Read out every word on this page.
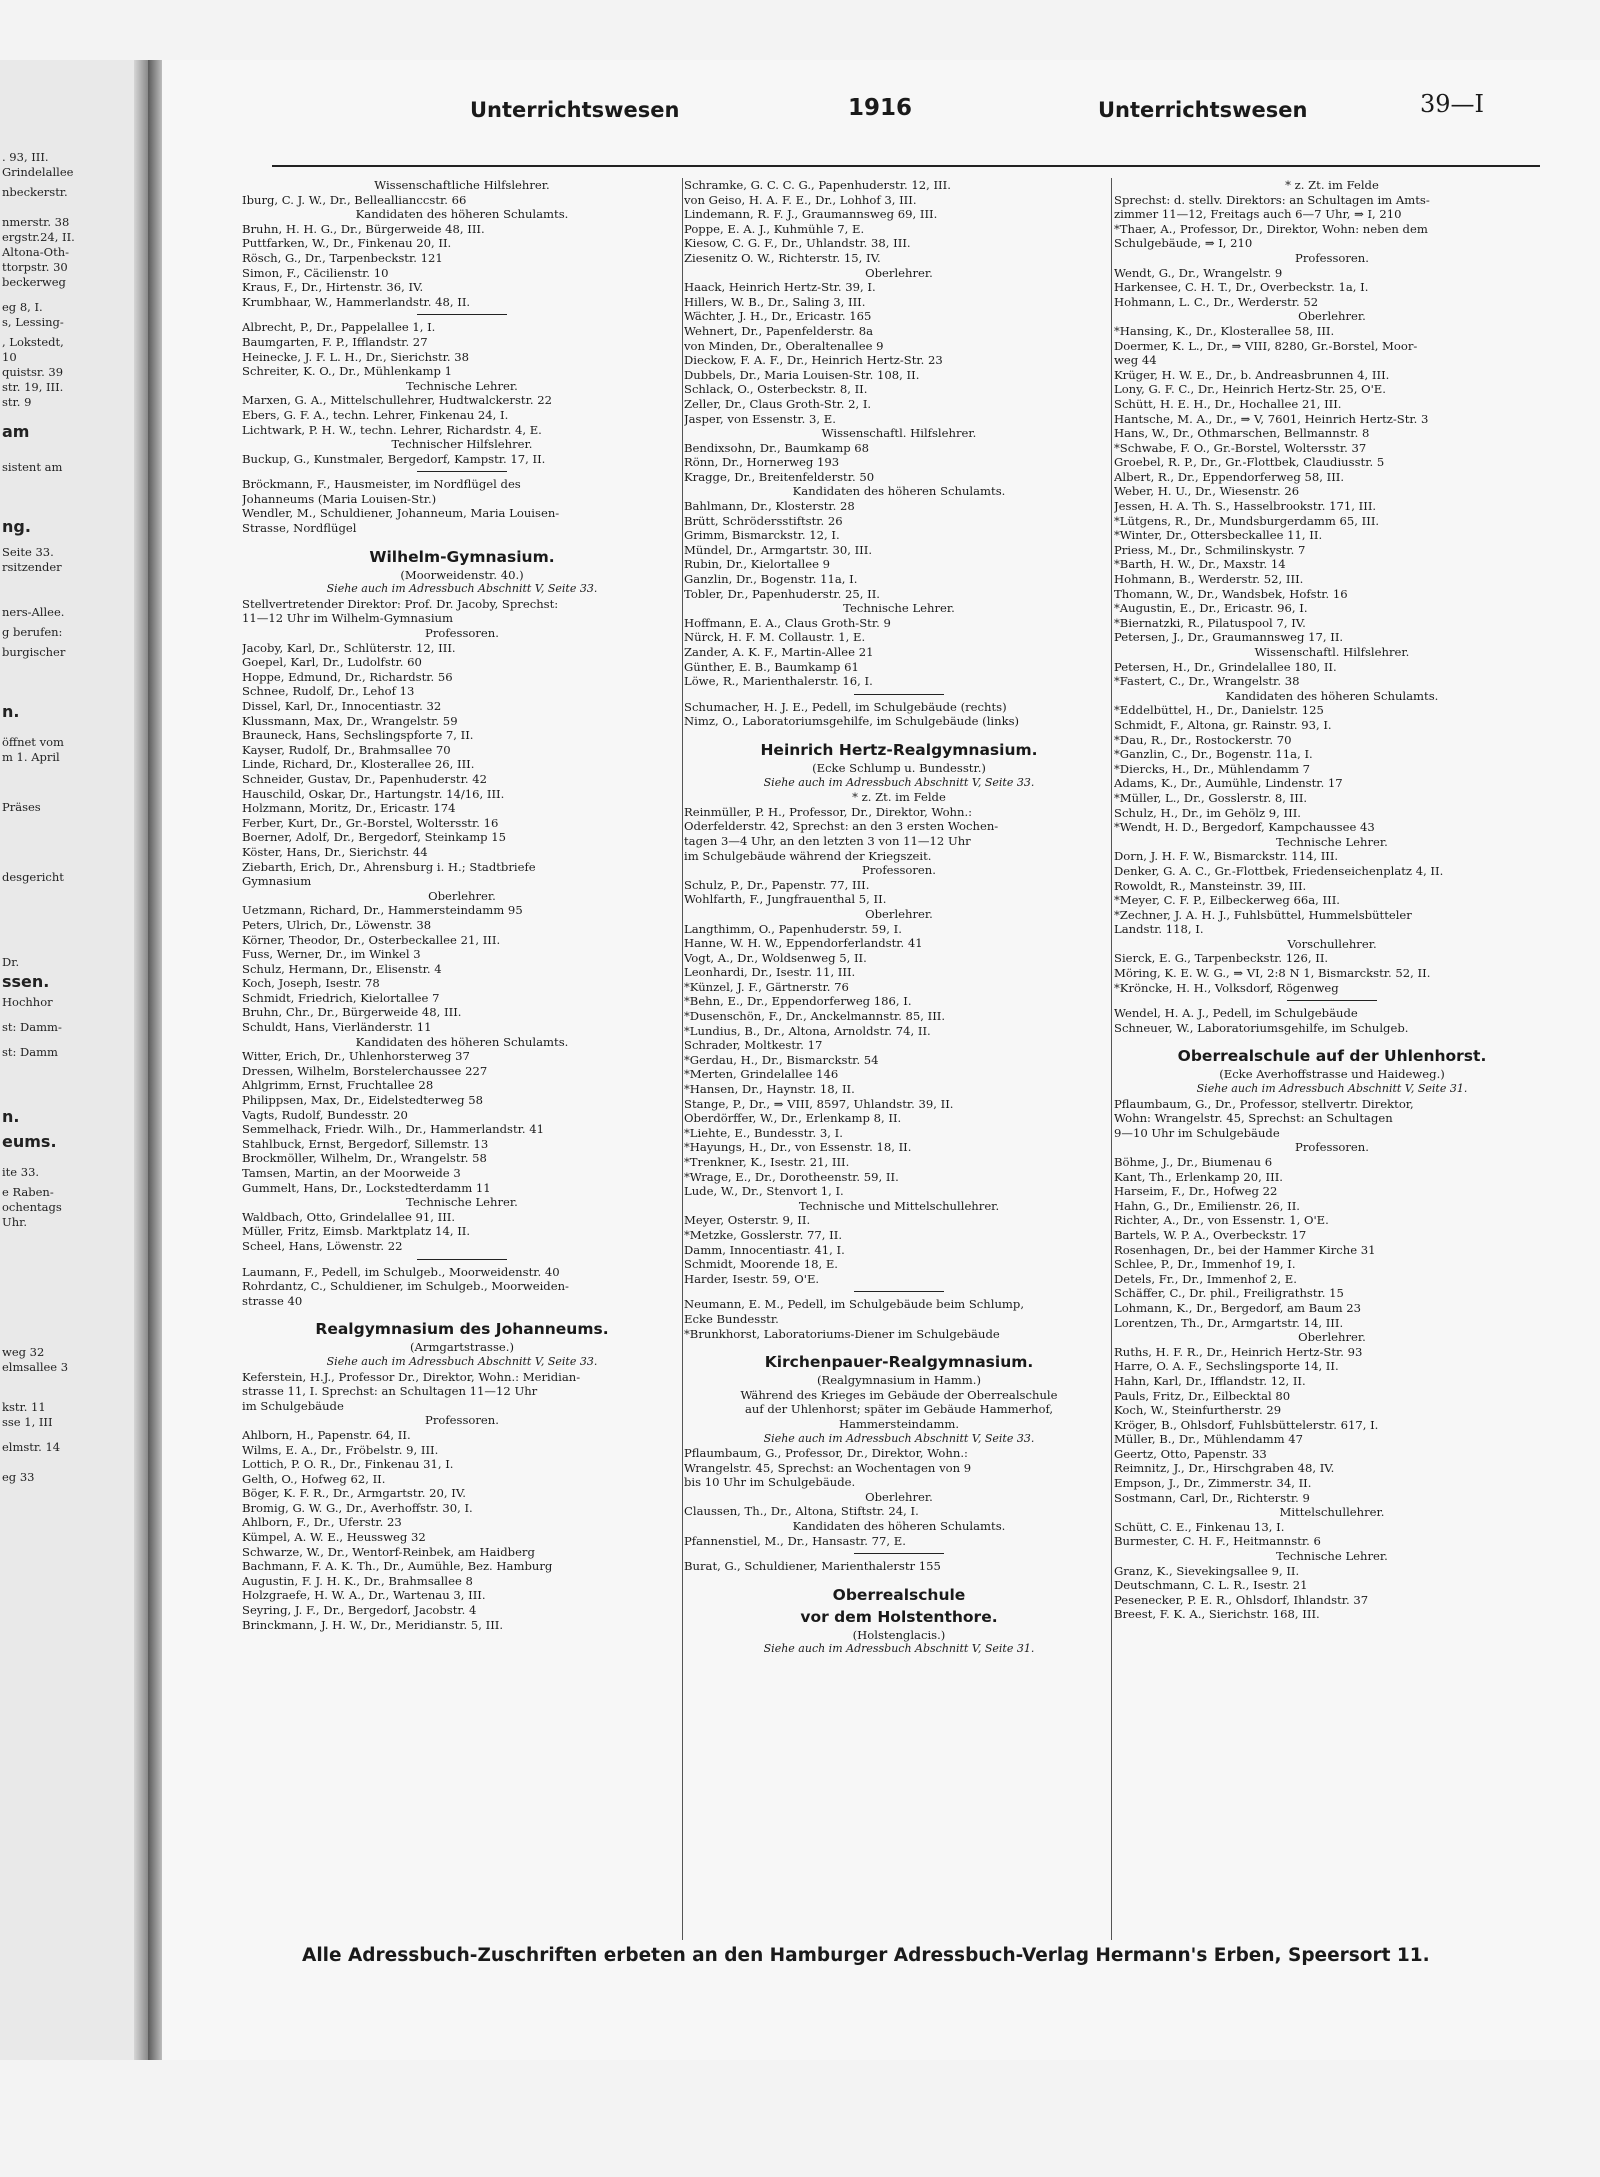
. 93, III.
Grindelallee
nbeckerstr.
nmerstr. 38
ergstr.24, II.
Altona-Oth-
ttorpstr. 30
beckerweg
eg 8, I.
s, Lessing-
, Lokstedt,
10
quistsr. 39
str. 19, III.
str. 9
am
sistent am
ng.
Seite 33.
rsitzender
ners-Allee.
g berufen:
burgischer
n.
öffnet vom
m 1. April
Präses
desgericht
Dr.
ssen.
Hochhor
st: Damm-
st: Damm
n.
eums.
ite 33.
e Raben-
ochentags
Uhr.
weg 32
elmsallee 3
kstr. 11
sse 1, III
elmstr. 14
eg 33
Unterrichtswesen	1916	Unterrichtswesen	39—I
Wissenschaftliche Hilfslehrer.
Iburg, C. J. W., Dr., Belleallianccstr. 66
Kandidaten des höheren Schulamts.
Bruhn, H. H. G., Dr., Bürgerweide 48, III.
Puttfarken, W., Dr., Finkenau 20, II.
Rösch, G., Dr., Tarpenbeckstr. 121
Simon, F., Cäcilienstr. 10
Kraus, F., Dr., Hirtenstr. 36, IV.
Krumbhaar, W., Hammerlandstr. 48, II.
Albrecht, P., Dr., Pappelallee 1, I.
Baumgarten, F. P., Ifflandstr. 27
Heinecke, J. F. L. H., Dr., Sierichstr. 38
Schreiter, K. O., Dr., Mühlenkamp 1
Technische Lehrer.
Marxen, G. A., Mittelschullehrer, Hudtwalckerstr. 22
Ebers, G. F. A., techn. Lehrer, Finkenau 24, I.
Lichtwark, P. H. W., techn. Lehrer, Richardstr. 4, E.
Technischer Hilfslehrer.
Buckup, G., Kunstmaler, Bergedorf, Kampstr. 17, II.
Bröckmann, F., Hausmeister, im Nordflügel des
Johanneums (Maria Louisen-Str.)
Wendler, M., Schuldiener, Johanneum, Maria Louisen-
Strasse, Nordflügel
Wilhelm-Gymnasium.
(Moorweidenstr. 40.)
Siehe auch im Adressbuch Abschnitt V, Seite 33.
Stellvertretender Direktor: Prof. Dr. Jacoby, Sprechst:
11—12 Uhr im Wilhelm-Gymnasium
Professoren.
Jacoby, Karl, Dr., Schlüterstr. 12, III.
Goepel, Karl, Dr., Ludolfstr. 60
Hoppe, Edmund, Dr., Richardstr. 56
Schnee, Rudolf, Dr., Lehof 13
Dissel, Karl, Dr., Innocentiastr. 32
Klussmann, Max, Dr., Wrangelstr. 59
Brauneck, Hans, Sechslingspforte 7, II.
Kayser, Rudolf, Dr., Brahmsallee 70
Linde, Richard, Dr., Klosterallee 26, III.
Schneider, Gustav, Dr., Papenhuderstr. 42
Hauschild, Oskar, Dr., Hartungstr. 14/16, III.
Holzmann, Moritz, Dr., Ericastr. 174
Ferber, Kurt, Dr., Gr.-Borstel, Woltersstr. 16
Boerner, Adolf, Dr., Bergedorf, Steinkamp 15
Köster, Hans, Dr., Sierichstr. 44
Ziebarth, Erich, Dr., Ahrensburg i. H.; Stadtbriefe
Gymnasium
Oberlehrer.
Uetzmann, Richard, Dr., Hammersteindamm 95
Peters, Ulrich, Dr., Löwenstr. 38
Körner, Theodor, Dr., Osterbeckallee 21, III.
Fuss, Werner, Dr., im Winkel 3
Schulz, Hermann, Dr., Elisenstr. 4
Koch, Joseph, Isestr. 78
Schmidt, Friedrich, Kielortallee 7
Bruhn, Chr., Dr., Bürgerweide 48, III.
Schuldt, Hans, Vierländerstr. 11
Kandidaten des höheren Schulamts.
Witter, Erich, Dr., Uhlenhorsterweg 37
Dressen, Wilhelm, Borstelerchaussee 227
Ahlgrimm, Ernst, Fruchtallee 28
Philippsen, Max, Dr., Eidelstedterweg 58
Vagts, Rudolf, Bundesstr. 20
Semmelhack, Friedr. Wilh., Dr., Hammerlandstr. 41
Stahlbuck, Ernst, Bergedorf, Sillemstr. 13
Brockmöller, Wilhelm, Dr., Wrangelstr. 58
Tamsen, Martin, an der Moorweide 3
Gummelt, Hans, Dr., Lockstedterdamm 11
Technische Lehrer.
Waldbach, Otto, Grindelallee 91, III.
Müller, Fritz, Eimsb. Marktplatz 14, II.
Scheel, Hans, Löwenstr. 22
Laumann, F., Pedell, im Schulgeb., Moorweidenstr. 40
Rohrdantz, C., Schuldiener, im Schulgeb., Moorweiden-
strasse 40
Realgymnasium des Johanneums.
(Armgartstrasse.)
Siehe auch im Adressbuch Abschnitt V, Seite 33.
Keferstein, H.J., Professor Dr., Direktor, Wohn.: Meridian-
strasse 11, I. Sprechst: an Schultagen 11—12 Uhr
im Schulgebäude
Professoren.
Ahlborn, H., Papenstr. 64, II.
Wilms, E. A., Dr., Fröbelstr. 9, III.
Lottich, P. O. R., Dr., Finkenau 31, I.
Gelth, O., Hofweg 62, II.
Böger, K. F. R., Dr., Armgartstr. 20, IV.
Bromig, G. W. G., Dr., Averhoffstr. 30, I.
Ahlborn, F., Dr., Uferstr. 23
Kümpel, A. W. E., Heussweg 32
Schwarze, W., Dr., Wentorf-Reinbek, am Haidberg
Bachmann, F. A. K. Th., Dr., Aumühle, Bez. Hamburg
Augustin, F. J. H. K., Dr., Brahmsallee 8
Holzgraefe, H. W. A., Dr., Wartenau 3, III.
Seyring, J. F., Dr., Bergedorf, Jacobstr. 4
Brinckmann, J. H. W., Dr., Meridianstr. 5, III.
Schramke, G. C. C. G., Papenhuderstr. 12, III.
von Geiso, H. A. F. E., Dr., Lohhof 3, III.
Lindemann, R. F. J., Graumannsweg 69, III.
Poppe, E. A. J., Kuhmühle 7, E.
Kiesow, C. G. F., Dr., Uhlandstr. 38, III.
Ziesenitz O. W., Richterstr. 15, IV.
Oberlehrer.
Haack, Heinrich Hertz-Str. 39, I.
Hillers, W. B., Dr., Saling 3, III.
Wächter, J. H., Dr., Ericastr. 165
Wehnert, Dr., Papenfelderstr. 8a
von Minden, Dr., Oberaltenallee 9
Dieckow, F. A. F., Dr., Heinrich Hertz-Str. 23
Dubbels, Dr., Maria Louisen-Str. 108, II.
Schlack, O., Osterbeckstr. 8, II.
Zeller, Dr., Claus Groth-Str. 2, I.
Jasper, von Essenstr. 3, E.
Wissenschaftl. Hilfslehrer.
Bendixsohn, Dr., Baumkamp 68
Rönn, Dr., Hornerweg 193
Kragge, Dr., Breitenfelderstr. 50
Kandidaten des höheren Schulamts.
Bahlmann, Dr., Klosterstr. 28
Brütt, Schrödersstiftstr. 26
Grimm, Bismarckstr. 12, I.
Mündel, Dr., Armgartstr. 30, III.
Rubin, Dr., Kielortallee 9
Ganzlin, Dr., Bogenstr. 11a, I.
Tobler, Dr., Papenhuderstr. 25, II.
Technische Lehrer.
Hoffmann, E. A., Claus Groth-Str. 9
Nürck, H. F. M. Collaustr. 1, E.
Zander, A. K. F., Martin-Allee 21
Günther, E. B., Baumkamp 61
Löwe, R., Marienthalerstr. 16, I.
Schumacher, H. J. E., Pedell, im Schulgebäude (rechts)
Nimz, O., Laboratoriumsgehilfe, im Schulgebäude (links)
Heinrich Hertz-Realgymnasium.
(Ecke Schlump u. Bundesstr.)
Siehe auch im Adressbuch Abschnitt V, Seite 33.
* z. Zt. im Felde
Reinmüller, P. H., Professor, Dr., Direktor, Wohn.:
Oderfelderstr. 42, Sprechst: an den 3 ersten Wochen-
tagen 3—4 Uhr, an den letzten 3 von 11—12 Uhr
im Schulgebäude während der Kriegszeit.
Professoren.
Schulz, P., Dr., Papenstr. 77, III.
Wohlfarth, F., Jungfrauenthal 5, II.
Oberlehrer.
Langthimm, O., Papenhuderstr. 59, I.
Hanne, W. H. W., Eppendorferlandstr. 41
Vogt, A., Dr., Woldsenweg 5, II.
Leonhardi, Dr., Isestr. 11, III.
*Künzel, J. F., Gärtnerstr. 76
*Behn, E., Dr., Eppendorferweg 186, I.
*Dusenschön, F., Dr., Anckelmannstr. 85, III.
*Lundius, B., Dr., Altona, Arnoldstr. 74, II.
Schrader, Moltkestr. 17
*Gerdau, H., Dr., Bismarckstr. 54
*Merten, Grindelallee 146
*Hansen, Dr., Haynstr. 18, II.
Stange, P., Dr., ⇒ VIII, 8597, Uhlandstr. 39, II.
Oberdörffer, W., Dr., Erlenkamp 8, II.
*Liehte, E., Bundesstr. 3, I.
*Hayungs, H., Dr., von Essenstr. 18, II.
*Trenkner, K., Isestr. 21, III.
*Wrage, E., Dr., Dorotheenstr. 59, II.
Lude, W., Dr., Stenvort 1, I.
Technische und Mittelschullehrer.
Meyer, Osterstr. 9, II.
*Metzke, Gosslerstr. 77, II.
Damm, Innocentiastr. 41, I.
Schmidt, Moorende 18, E.
Harder, Isestr. 59, O'E.
Neumann, E. M., Pedell, im Schulgebäude beim Schlump,
Ecke Bundesstr.
*Brunkhorst, Laboratoriums-Diener im Schulgebäude
Kirchenpauer-Realgymnasium.
(Realgymnasium in Hamm.)
Während des Krieges im Gebäude der Oberrealschule
auf der Uhlenhorst; später im Gebäude Hammerhof,
Hammersteindamm.
Siehe auch im Adressbuch Abschnitt V, Seite 33.
Pflaumbaum, G., Professor, Dr., Direktor, Wohn.:
Wrangelstr. 45, Sprechst: an Wochentagen von 9
bis 10 Uhr im Schulgebäude.
Oberlehrer.
Claussen, Th., Dr., Altona, Stiftstr. 24, I.
Kandidaten des höheren Schulamts.
Pfannenstiel, M., Dr., Hansastr. 77, E.
Burat, G., Schuldiener, Marienthalerstr 155
Oberrealschule
vor dem Holstenthore.
(Holstenglacis.)
Siehe auch im Adressbuch Abschnitt V, Seite 31.
* z. Zt. im Felde
Sprechst: d. stellv. Direktors: an Schultagen im Amts-
zimmer 11—12, Freitags auch 6—7 Uhr, ⇒ I, 210
*Thaer, A., Professor, Dr., Direktor, Wohn: neben dem
Schulgebäude, ⇒ I, 210
Professoren.
Wendt, G., Dr., Wrangelstr. 9
Harkensee, C. H. T., Dr., Overbeckstr. 1a, I.
Hohmann, L. C., Dr., Werderstr. 52
Oberlehrer.
*Hansing, K., Dr., Klosterallee 58, III.
Doermer, K. L., Dr., ⇒ VIII, 8280, Gr.-Borstel, Moor-
weg 44
Krüger, H. W. E., Dr., b. Andreasbrunnen 4, III.
Lony, G. F. C., Dr., Heinrich Hertz-Str. 25, O'E.
Schütt, H. E. H., Dr., Hochallee 21, III.
Hantsche, M. A., Dr., ⇒ V, 7601, Heinrich Hertz-Str. 3
Hans, W., Dr., Othmarschen, Bellmannstr. 8
*Schwabe, F. O., Gr.-Borstel, Woltersstr. 37
Groebel, R. P., Dr., Gr.-Flottbek, Claudiusstr. 5
Albert, R., Dr., Eppendorferweg 58, III.
Weber, H. U., Dr., Wiesenstr. 26
Jessen, H. A. Th. S., Hasselbrookstr. 171, III.
*Lütgens, R., Dr., Mundsburgerdamm 65, III.
*Winter, Dr., Ottersbeckallee 11, II.
Priess, M., Dr., Schmilinskystr. 7
*Barth, H. W., Dr., Maxstr. 14
Hohmann, B., Werderstr. 52, III.
Thomann, W., Dr., Wandsbek, Hofstr. 16
*Augustin, E., Dr., Ericastr. 96, I.
*Biernatzki, R., Pilatuspool 7, IV.
Petersen, J., Dr., Graumannsweg 17, II.
Wissenschaftl. Hilfslehrer.
Petersen, H., Dr., Grindelallee 180, II.
*Fastert, C., Dr., Wrangelstr. 38
Kandidaten des höheren Schulamts.
*Eddelbüttel, H., Dr., Danielstr. 125
Schmidt, F., Altona, gr. Rainstr. 93, I.
*Dau, R., Dr., Rostockerstr. 70
*Ganzlin, C., Dr., Bogenstr. 11a, I.
*Diercks, H., Dr., Mühlendamm 7
Adams, K., Dr., Aumühle, Lindenstr. 17
*Müller, L., Dr., Gosslerstr. 8, III.
Schulz, H., Dr., im Gehölz 9, III.
*Wendt, H. D., Bergedorf, Kampchaussee 43
Technische Lehrer.
Dorn, J. H. F. W., Bismarckstr. 114, III.
Denker, G. A. C., Gr.-Flottbek, Friedenseichenplatz 4, II.
Rowoldt, R., Mansteinstr. 39, III.
*Meyer, C. F. P., Eilbeckerweg 66a, III.
*Zechner, J. A. H. J., Fuhlsbüttel, Hummelsbütteler
Landstr. 118, I.
Vorschullehrer.
Sierck, E. G., Tarpenbeckstr. 126, II.
Möring, K. E. W. G., ⇒ VI, 2:8 N 1, Bismarckstr. 52, II.
*Kröncke, H. H., Volksdorf, Rögenweg
Wendel, H. A. J., Pedell, im Schulgebäude
Schneuer, W., Laboratoriumsgehilfe, im Schulgeb.
Oberrealschule auf der Uhlenhorst.
(Ecke Averhoffstrasse und Haideweg.)
Siehe auch im Adressbuch Abschnitt V, Seite 31.
Pflaumbaum, G., Dr., Professor, stellvertr. Direktor,
Wohn: Wrangelstr. 45, Sprechst: an Schultagen
9—10 Uhr im Schulgebäude
Professoren.
Böhme, J., Dr., Biumenau 6
Kant, Th., Erlenkamp 20, III.
Harseim, F., Dr., Hofweg 22
Hahn, G., Dr., Emilienstr. 26, II.
Richter, A., Dr., von Essenstr. 1, O'E.
Bartels, W. P. A., Overbeckstr. 17
Rosenhagen, Dr., bei der Hammer Kirche 31
Schlee, P., Dr., Immenhof 19, I.
Detels, Fr., Dr., Immenhof 2, E.
Schäffer, C., Dr. phil., Freiligrathstr. 15
Lohmann, K., Dr., Bergedorf, am Baum 23
Lorentzen, Th., Dr., Armgartstr. 14, III.
Oberlehrer.
Ruths, H. F. R., Dr., Heinrich Hertz-Str. 93
Harre, O. A. F., Sechslingsporte 14, II.
Hahn, Karl, Dr., Ifflandstr. 12, II.
Pauls, Fritz, Dr., Eilbecktal 80
Koch, W., Steinfurtherstr. 29
Kröger, B., Ohlsdorf, Fuhlsbüttelerstr. 617, I.
Müller, B., Dr., Mühlendamm 47
Geertz, Otto, Papenstr. 33
Reimnitz, J., Dr., Hirschgraben 48, IV.
Empson, J., Dr., Zimmerstr. 34, II.
Sostmann, Carl, Dr., Richterstr. 9
Mittelschullehrer.
Schütt, C. E., Finkenau 13, I.
Burmester, C. H. F., Heitmannstr. 6
Technische Lehrer.
Granz, K., Sievekingsallee 9, II.
Deutschmann, C. L. R., Isestr. 21
Pesenecker, P. E. R., Ohlsdorf, Ihlandstr. 37
Breest, F. K. A., Sierichstr. 168, III.
Alle Adressbuch-Zuschriften erbeten an den Hamburger Adressbuch-Verlag Hermann's Erben, Speersort 11.
